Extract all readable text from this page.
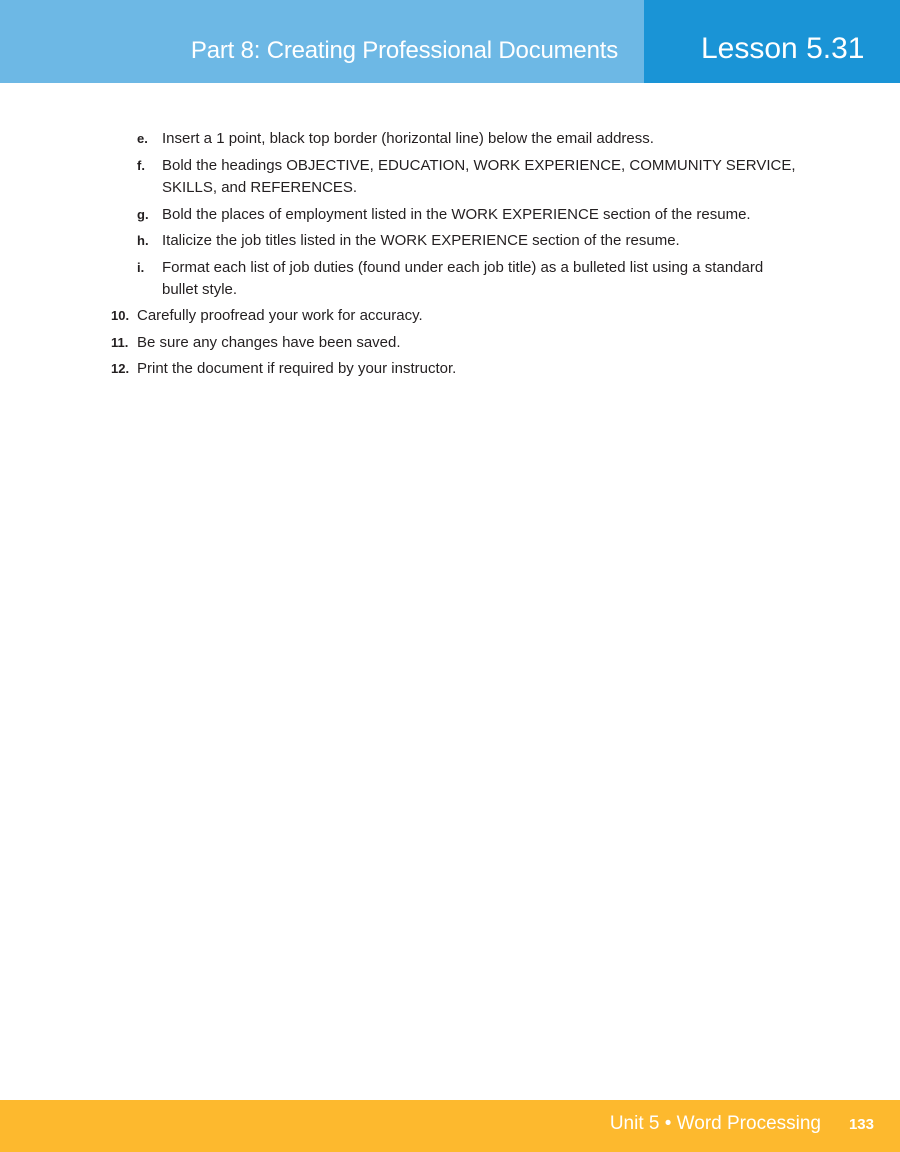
Part 8: Creating Professional Documents	Lesson 5.31
e. Insert a 1 point, black top border (horizontal line) below the email address.
f. Bold the headings OBJECTIVE, EDUCATION, WORK EXPERIENCE, COMMUNITY SERVICE, SKILLS, and REFERENCES.
g. Bold the places of employment listed in the WORK EXPERIENCE section of the resume.
h. Italicize the job titles listed in the WORK EXPERIENCE section of the resume.
i. Format each list of job duties (found under each job title) as a bulleted list using a standard bullet style.
10. Carefully proofread your work for accuracy.
11. Be sure any changes have been saved.
12. Print the document if required by your instructor.
Unit 5 • Word Processing 133
